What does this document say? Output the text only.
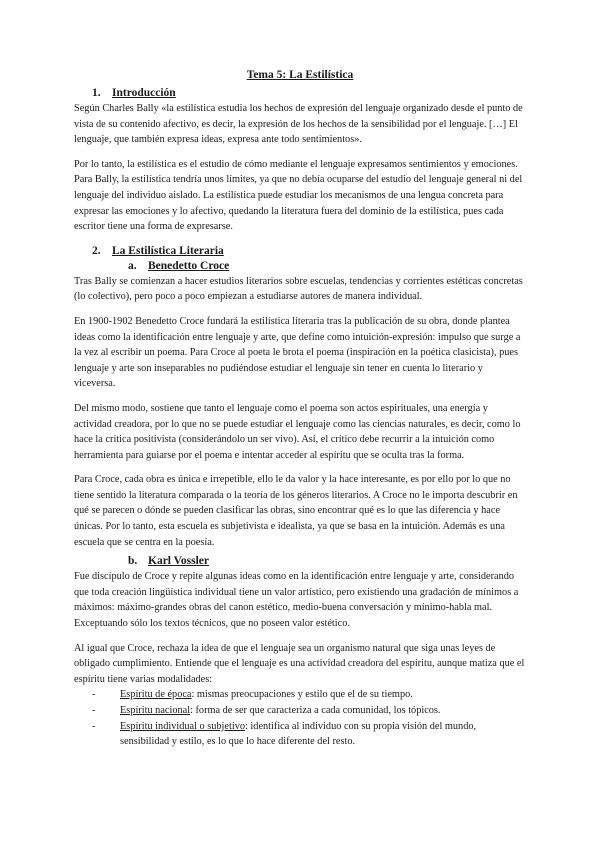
Tema 5: La Estilística
1. Introducción

Según Charles Bally «la estilística estudia los hechos de expresión del lenguaje organizado desde el punto de vista de su contenido afectivo, es decir, la expresión de los hechos de la sensibilidad por el lenguaje. […] El lenguaje, que también expresa ideas, expresa ante todo sentimientos».

Por lo tanto, la estilística es el estudio de cómo mediante el lenguaje expresamos sentimientos y emociones. Para Bally, la estilística tendría unos límites, ya que no debía ocuparse del estudio del lenguaje general ni del lenguaje del individuo aislado. La estilística puede estudiar los mecanismos de una lengua concreta para expresar las emociones y lo afectivo, quedando la literatura fuera del dominio de la estilística, pues cada escritor tiene una forma de expresarse.

2. La Estilística Literaria
a. Benedetto Croce

Tras Bally se comienzan a hacer estudios literarios sobre escuelas, tendencias y corrientes estéticas concretas (lo colectivo), pero poco a poco empiezan a estudiarse autores de manera individual.

En 1900-1902 Benedetto Croce fundará la estilística literaria tras la publicación de su obra, donde plantea ideas como la identificación entre lenguaje y arte, que define como intuición-expresión: impulso que surge a la vez al escribir un poema. Para Croce al poeta le brota el poema (inspiración en la poética clasicista), pues lenguaje y arte son inseparables no pudiéndose estudiar el lenguaje sin tener en cuenta lo literario y viceversa.

Del mismo modo, sostiene que tanto el lenguaje como el poema son actos espirituales, una energía y actividad creadora, por lo que no se puede estudiar el lenguaje como las ciencias naturales, es decir, como lo hace la crítica positivista (considerándolo un ser vivo). Así, el crítico debe recurrir a la intuición como herramienta para guiarse por el poema e intentar acceder al espíritu que se oculta tras la forma.

Para Croce, cada obra es única e irrepetible, ello le da valor y la hace interesante, es por ello por lo que no tiene sentido la literatura comparada o la teoría de los géneros literarios. A Croce no le importa descubrir en qué se parecen o dónde se pueden clasificar las obras, sino encontrar qué es lo que las diferencia y hace únicas. Por lo tanto, esta escuela es subjetivista e idealista, ya que se basa en la intuición. Además es una escuela que se centra en la poesía.

b. Karl Vossler

Fue discípulo de Croce y repite algunas ideas como en la identificación entre lenguaje y arte, considerando que toda creación lingüística individual tiene un valor artístico, pero existiendo una gradación de mínimos a máximos: máximo-grandes obras del canon estético, medio-buena conversación y mínimo-habla mal. Exceptuando sólo los textos técnicos, que no poseen valor estético.

Al igual que Croce, rechaza la idea de que el lenguaje sea un organismo natural que siga unas leyes de obligado cumplimiento. Entiende que el lenguaje es una actividad creadora del espíritu, aunque matiza que el espíritu tiene varias modalidades:

-	Espíritu de época: mismas preocupaciones y estilo que el de su tiempo.
-	Espíritu nacional: forma de ser que caracteriza a cada comunidad, los tópicos.
-	Espíritu individual o subjetivo: identifica al individuo con su propia visión del mundo, sensibilidad y estilo, es lo que lo hace diferente del resto.
